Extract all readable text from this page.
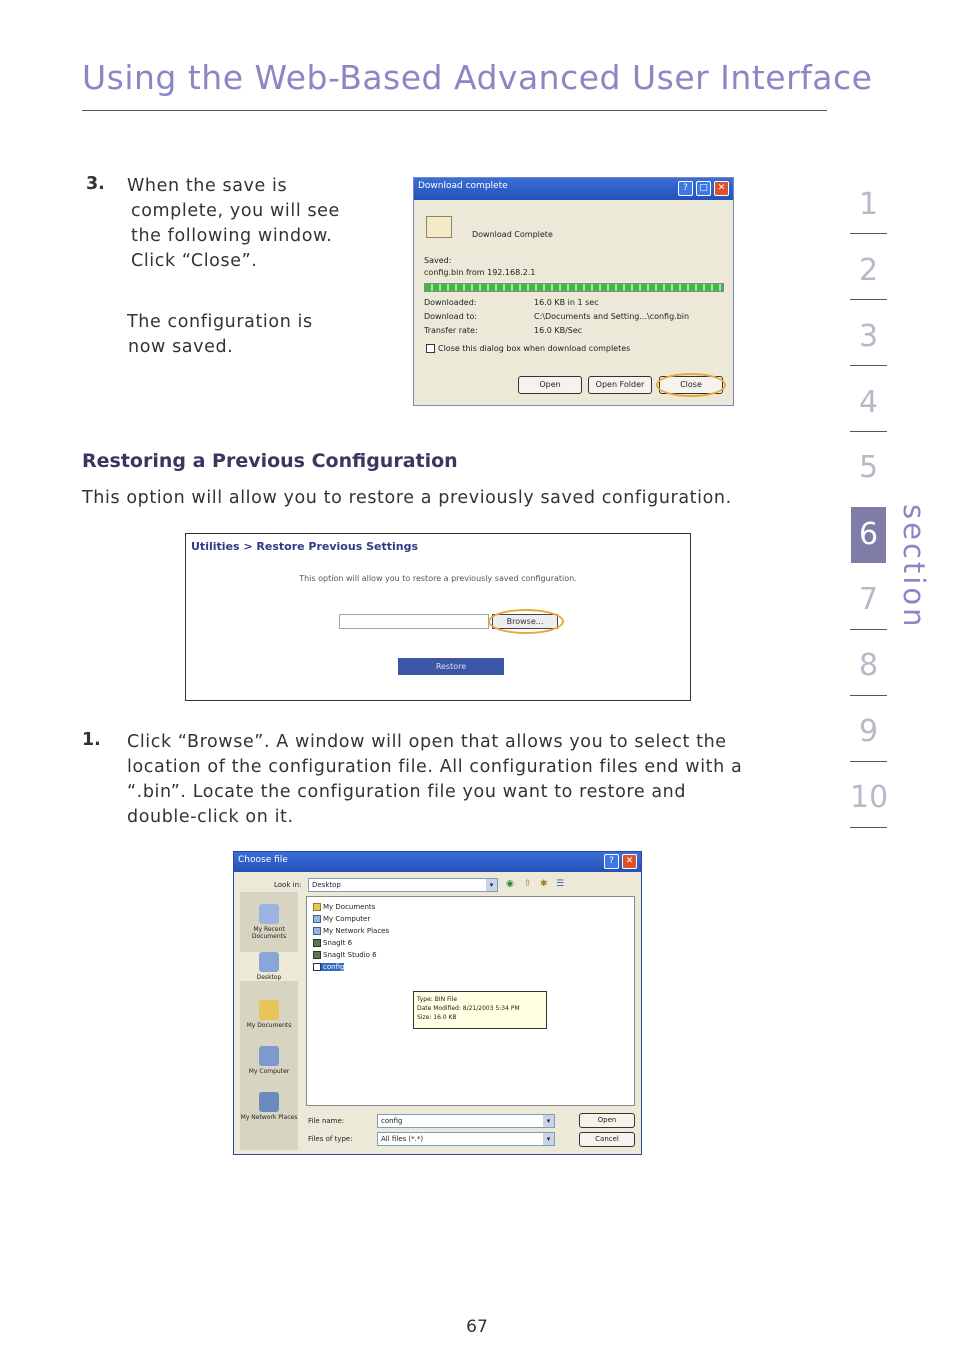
Using the Web-Based Advanced User Interface
3. When the save is
complete, you will see
the following window.
Click “Close”.
The configuration is
now saved.
Download complete	?	□	✕
Download Complete
Saved:
config.bin from 192.168.2.1
Downloaded:	16.0 KB in 1 sec
Download to:	C:\Documents and Setting...\config.bin
Transfer rate:	16.0 KB/Sec
Close this dialog box when download completes
Open	Open Folder	Close
Restoring a Previous Configuration
This option will allow you to restore a previously saved configuration.
Utilities > Restore Previous Settings
This option will allow you to restore a previously saved configuration.
Browse...
Restore
1. Click “Browse”. A window will open that allows you to select the
location of the configuration file. All configuration files end with a
“.bin”. Locate the configuration file you want to restore and
double-click on it.
Choose file	?	✕
Look in:	Desktop	▾	◉ ⇧ ✱ ☰
My Recent Documents
Desktop
My Documents
My Computer
My Network Places
My Documents
My Computer
My Network Places
SnagIt 6
SnagIt Studio 6
config
Type: BIN File
Date Modified: 8/21/2003 5:34 PM
Size: 16.0 KB
File name:	config	▾
Files of type:	All files (*.*)	▾
Open
Cancel
1
2
3
4
5
6
7
8
9
10
section
67
